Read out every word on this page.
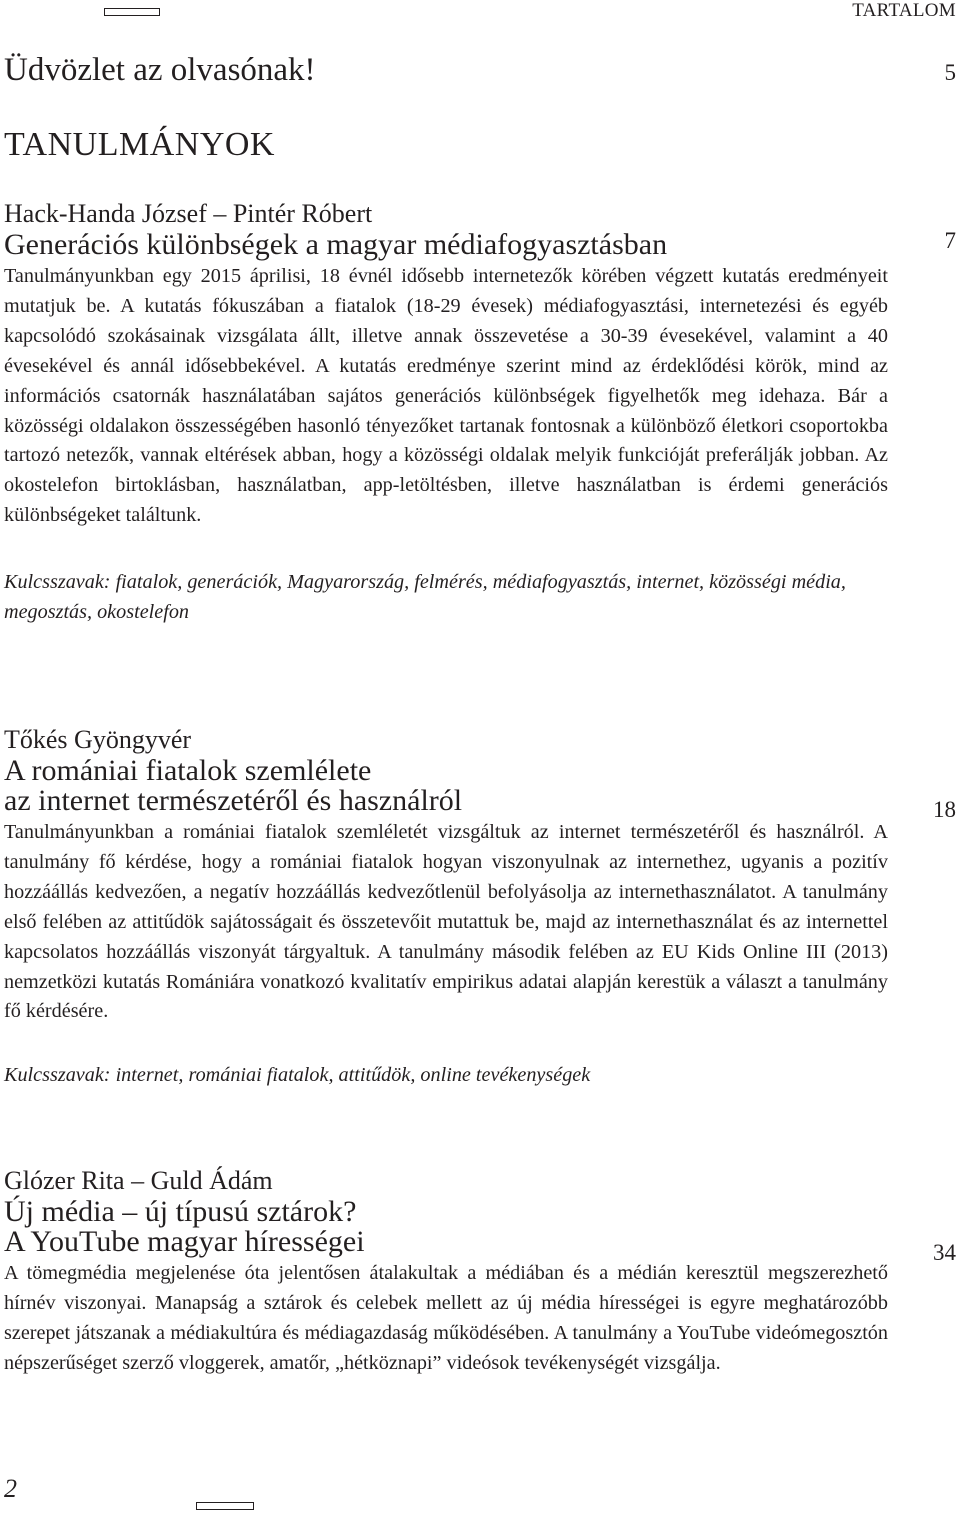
TARTALOM
Üdvözlet az olvasónak!	5
TANULMÁNYOK
Hack-Handa József – Pintér Róbert
Generációs különbségek a magyar médiafogyasztásban

Tanulmányunkban egy 2015 áprilisi, 18 évnél idősebb internetezők körében végzett kutatás eredményeit mutatjuk be. A kutatás fókuszában a fiatalok (18-29 évesek) médiafogyasztási, internetezési és egyéb kapcsolódó szokásainak vizsgálata állt, illetve annak összevetése a 30-39 évesekével, valamint a 40 évesekével és annál idősebbekével. A kutatás eredménye szerint mind az érdeklődési körök, mind az információs csatornák használatában sajátos generációs különbségek figyelhetők meg idehaza. Bár a közösségi oldalakon összességében hasonló tényezőket tartanak fontosnak a különböző életkori csoportokba tartozó netezők, vannak eltérések abban, hogy a közösségi oldalak melyik funkcióját preferálják jobban. Az okostelefon birtoklásban, használatban, app-letöltésben, illetve használatban is érdemi generációs különbségeket találtunk.

Kulcsszavak: fiatalok, generációk, Magyarország, felmérés, médiafogyasztás, internet, közösségi média, megosztás, okostelefon

7
Tőkés Gyöngyvér
A romániai fiatalok szemlélete
az internet természetéről és használról

Tanulmányunkban a romániai fiatalok szemléletét vizsgáltuk az internet természetéről és használról. A tanulmány fő kérdése, hogy a romániai fiatalok hogyan viszonyulnak az internethez, ugyanis a pozitív hozzáállás kedvezően, a negatív hozzáállás kedvezőtlenül befolyásolja az internethasználatot. A tanulmány első felében az attitűdök sajátosságait és összetevőit mutattuk be, majd az internethasználat és az internettel kapcsolatos hozzáállás viszonyát tárgyaltuk. A tanulmány második felében az EU Kids Online III (2013) nemzetközi kutatás Romániára vonatkozó kvalitatív empirikus adatai alapján kerestük a választ a tanulmány fő kérdésére.

Kulcsszavak: internet, romániai fiatalok, attitűdök, online tevékenységek

18
Glózer Rita – Guld Ádám
Új média – új típusú sztárok?
A YouTube magyar hírességei

A tömegmédia megjelenése óta jelentősen átalakultak a médiában és a médián keresztül megszerezhető hírnév viszonyai. Manapság a sztárok és celebek mellett az új média hírességei is egyre meghatározóbb szerepet játszanak a médiakultúra és médiagazdaság működésében. A tanulmány a YouTube videómegosztón népszerűséget szerző vloggerek, amatőr, „hétköznapi” videósok tevékenységét vizsgálja.

34
2
